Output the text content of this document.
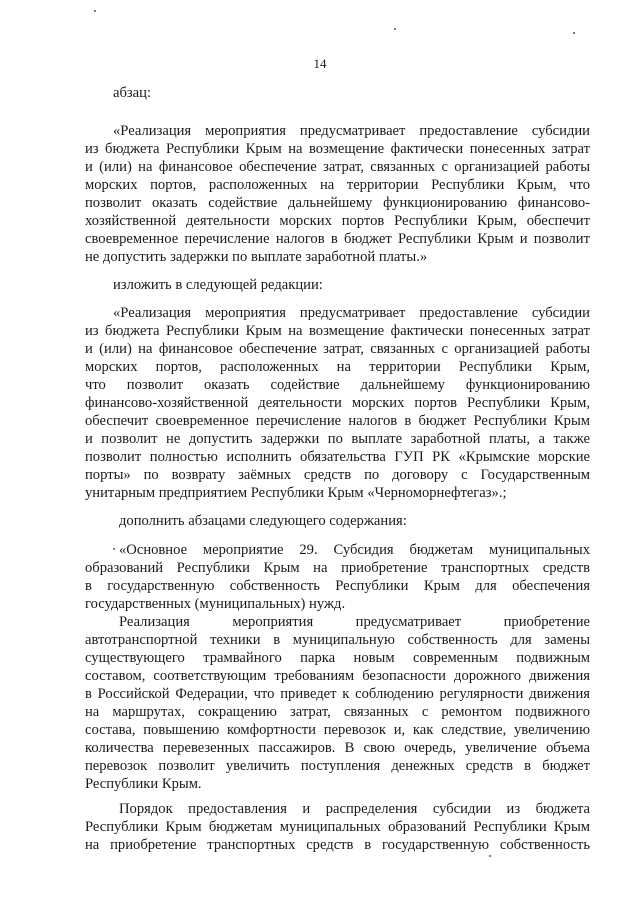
14
абзац:
«Реализация мероприятия предусматривает предоставление субсидии
из бюджета Республики Крым на возмещение фактически понесенных затрат
и (или) на финансовое обеспечение затрат, связанных с организацией работы
морских портов, расположенных на территории Республики Крым, что
позволит оказать содействие дальнейшему функционированию финансово-
хозяйственной деятельности морских портов Республики Крым, обеспечит
своевременное перечисление налогов в бюджет Республики Крым и позволит
не допустить задержки по выплате заработной платы.»
изложить в следующей редакции:
«Реализация мероприятия предусматривает предоставление субсидии
из бюджета Республики Крым на возмещение фактически понесенных затрат
и (или) на финансовое обеспечение затрат, связанных с организацией работы
морских портов, расположенных на территории Республики Крым,
что позволит оказать содействие дальнейшему функционированию
финансово-хозяйственной деятельности морских портов Республики Крым,
обеспечит своевременное перечисление налогов в бюджет Республики Крым
и позволит не допустить задержки по выплате заработной платы, а также
позволит полностью исполнить обязательства ГУП РК «Крымские морские
порты» по возврату заёмных средств по договору с Государственным
унитарным предприятием Республики Крым «Черноморнефтегаз».;
дополнить абзацами следующего содержания:
«Основное мероприятие 29. Субсидия бюджетам муниципальных
образований Республики Крым на приобретение транспортных средств
в государственную собственность Республики Крым для обеспечения
государственных (муниципальных) нужд.
Реализация мероприятия предусматривает приобретение
автотранспортной техники в муниципальную собственность для замены
существующего трамвайного парка новым современным подвижным
составом, соответствующим требованиям безопасности дорожного движения
в Российской Федерации, что приведет к соблюдению регулярности движения
на маршрутах, сокращению затрат, связанных с ремонтом подвижного
состава, повышению комфортности перевозок и, как следствие, увеличению
количества перевезенных пассажиров. В свою очередь, увеличение объема
перевозок позволит увеличить поступления денежных средств в бюджет
Республики Крым.
Порядок предоставления и распределения субсидии из бюджета
Республики Крым бюджетам муниципальных образований Республики Крым
на приобретение транспортных средств в государственную собственность
